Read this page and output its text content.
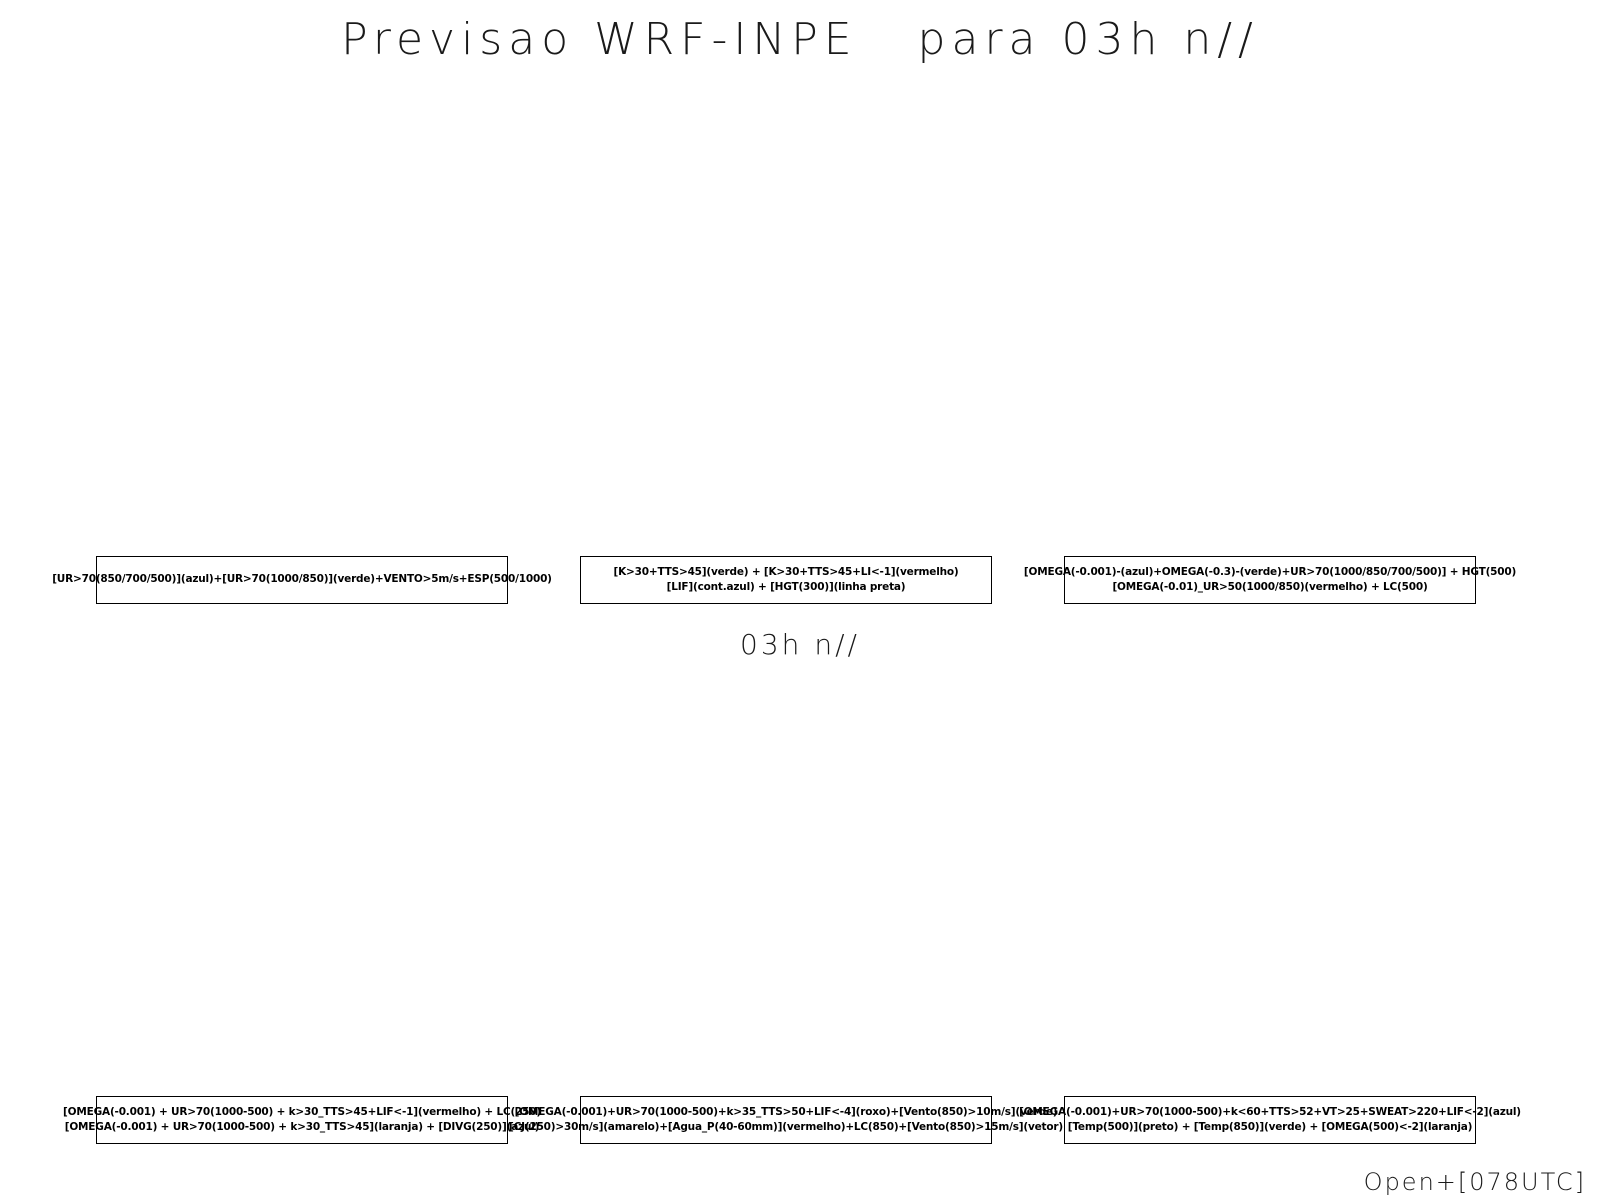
Previsao WRF-INPE   para 03h n//
[UR>70(850/700/500)](azul)+[UR>70(1000/850)](verde)+VENTO>5m/s+ESP(500/1000)
[K>30+TTS>45](verde) + [K>30+TTS>45+LI<-1](vermelho)
[LIF](cont.azul) + [HGT(300)](linha preta)
[OMEGA(-0.001)-(azul)+OMEGA(-0.3)-(verde)+UR>70(1000/850/700/500)] + HGT(500)
[OMEGA(-0.01)_UR>50(1000/850)(vermelho) + LC(500)
03h n//
[OMEGA(-0.001) + UR>70(1000-500) + k>30_TTS>45+LIF<-1](vermelho) + LC(250)
[OMEGA(-0.001) + UR>70(1000-500) + k>30_TTS>45](laranja) + [DIVG(250)](azul)
[OMEGA(-0.001)+UR>70(1000-500)+k>35_TTS>50+LIF<-4](roxo)+[Vento(850)>10m/s](verde)
[CJ(250)>30m/s](amarelo)+[Agua_P(40-60mm)](vermelho)+LC(850)+[Vento(850)>15m/s](vetor)
[OMEGA(-0.001)+UR>70(1000-500)+k<60+TTS>52+VT>25+SWEAT>220+LIF<-2](azul)
[Temp(500)](preto) + [Temp(850)](verde) + [OMEGA(500)<-2](laranja)
Open+[078UTC]
